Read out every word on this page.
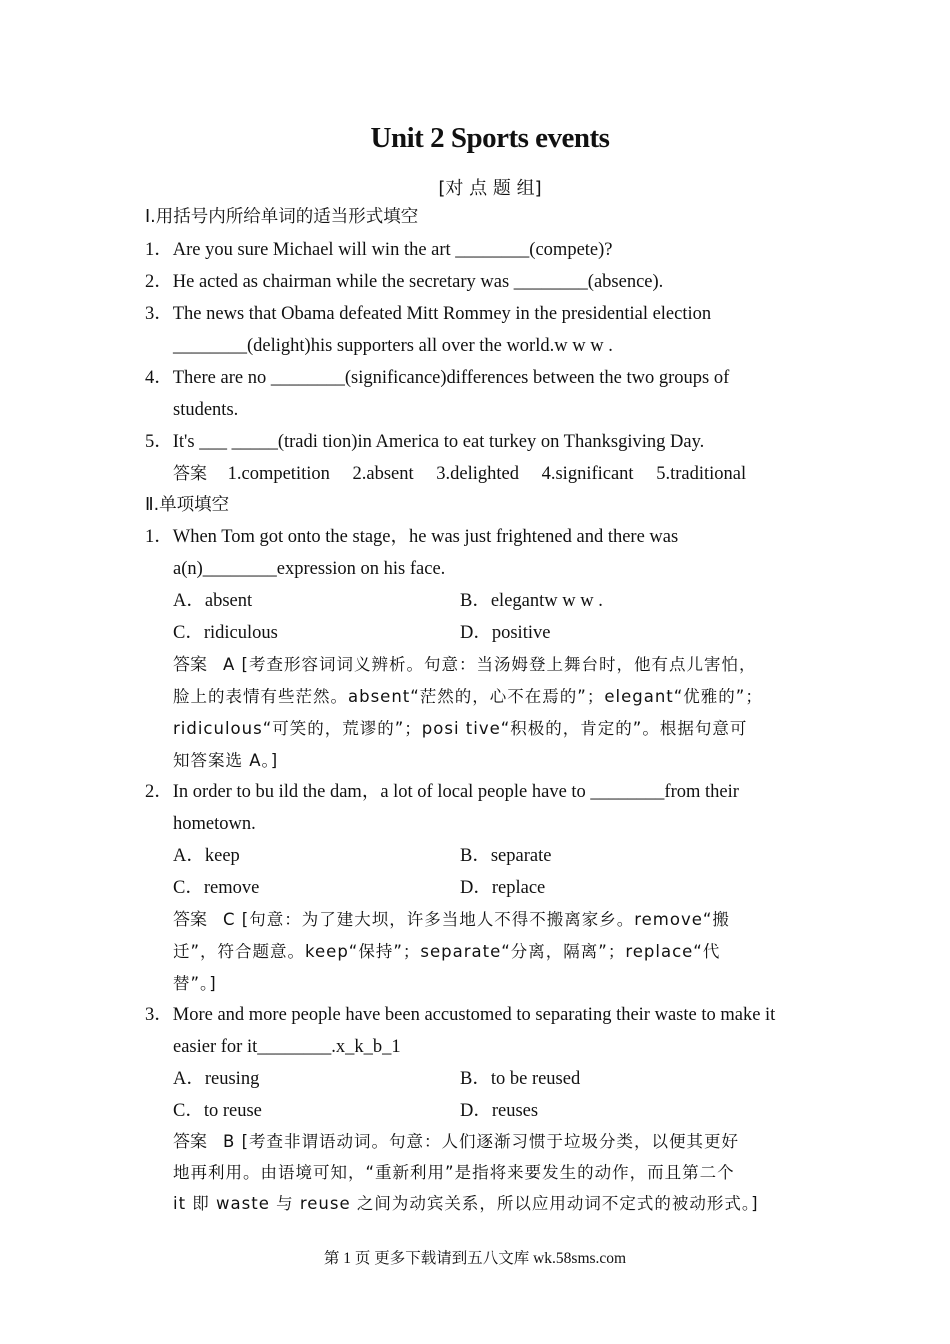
Unit 2 Sports events
[对 点 题 组]
Ⅰ.用括号内所给单词的适当形式填空
1．Are you sure Michael will win the art ________(compete)?
2．He acted as chairman while the secretary was ________(absence).
3．The news that Obama defeated Mitt Rommey in the presidential election
________(delight)his supporters all over the world.w w w .
4．There are no ________(significance)differences between the two groups of
students.
5．It's ___ _____(tradi tion)in America to eat turkey on Thanksgiving Day.
答案 1.competition 2.absent 3.delighted 4.significant 5.traditional
Ⅱ.单项填空
1．When Tom got onto the stage，he was just frightened and there was
a(n)________expression on his face.
A．absent	B．elegantw w w .
C．ridiculous	D．positive
答案 A [考查形容词词义辨析。句意：当汤姆登上舞台时，他有点儿害怕，
脸上的表情有些茫然。absent“茫然的，心不在焉的”；elegant“优雅的”；
ridiculous“可笑的，荒谬的”；posi tive“积极的，肯定的”。根据句意可
知答案选 A。]
2．In order to bu ild the dam，a lot of local people have to ________from their
hometown.
A．keep	B．separate
C．remove	D．replace
答案 C [句意：为了建大坝，许多当地人不得不搬离家乡。remove“搬
迁”，符合题意。keep“保持”；separate“分离，隔离”；replace“代
替”。]
3．More and more people have been accustomed to separating their waste to make it
easier for it________.x_k_b_1
A．reusing	B．to be reused
C．to reuse	D．reuses
答案 B [考查非谓语动词。句意：人们逐渐习惯于垃圾分类，以便其更好
地再利用。由语境可知，“重新利用”是指将来要发生的动作，而且第二个
it 即 waste 与 reuse 之间为动宾关系，所以应用动词不定式的被动形式。]
第 1 页 更多下载请到五八文库 wk.58sms.com
